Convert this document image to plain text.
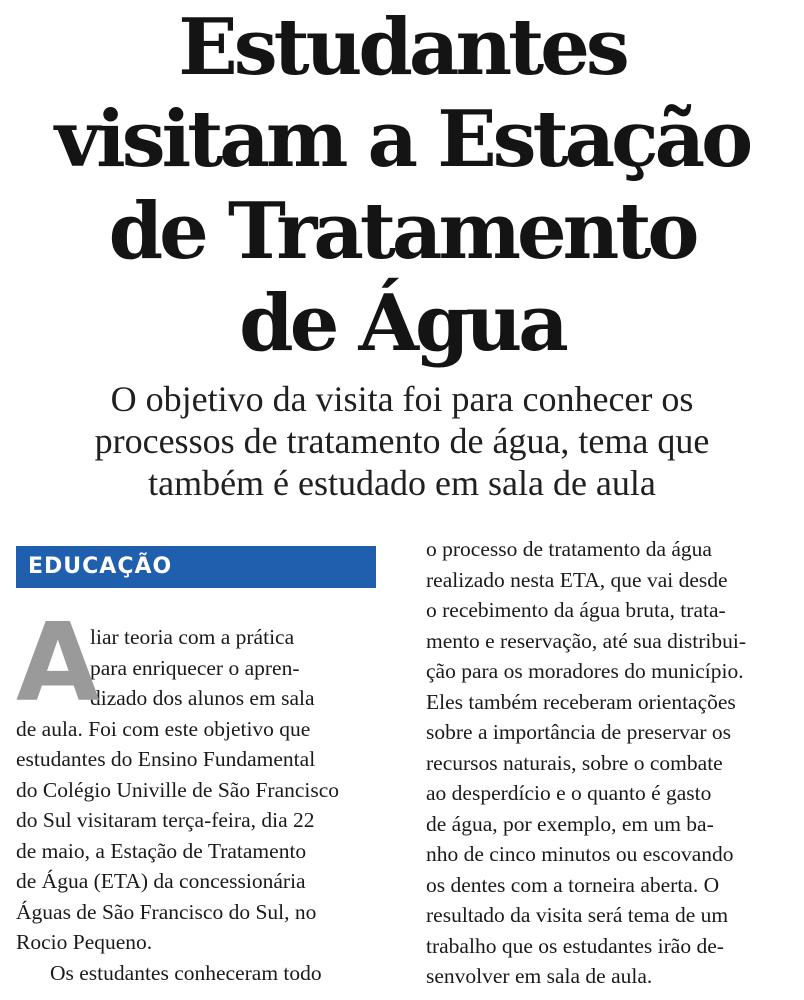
Estudantes
visitam a Estação
de Tratamento
de Água
O objetivo da visita foi para conhecer os
processos de tratamento de água, tema que
também é estudado em sala de aula
EDUCAÇÃO
A
liar teoria com a prática
para enriquecer o apren-
dizado dos alunos em sala
de aula. Foi com este objetivo que
estudantes do Ensino Fundamental
do Colégio Univille de São Francisco
do Sul visitaram terça-feira, dia 22
de maio, a Estação de Tratamento
de Água (ETA) da concessionária
Águas de São Francisco do Sul, no
Rocio Pequeno.
Os estudantes conheceram todo
o processo de tratamento da água
realizado nesta ETA, que vai desde
o recebimento da água bruta, trata-
mento e reservação, até sua distribui-
ção para os moradores do município.
Eles também receberam orientações
sobre a importância de preservar os
recursos naturais, sobre o combate
ao desperdício e o quanto é gasto
de água, por exemplo, em um ba-
nho de cinco minutos ou escovando
os dentes com a torneira aberta. O
resultado da visita será tema de um
trabalho que os estudantes irão de-
senvolver em sala de aula.
